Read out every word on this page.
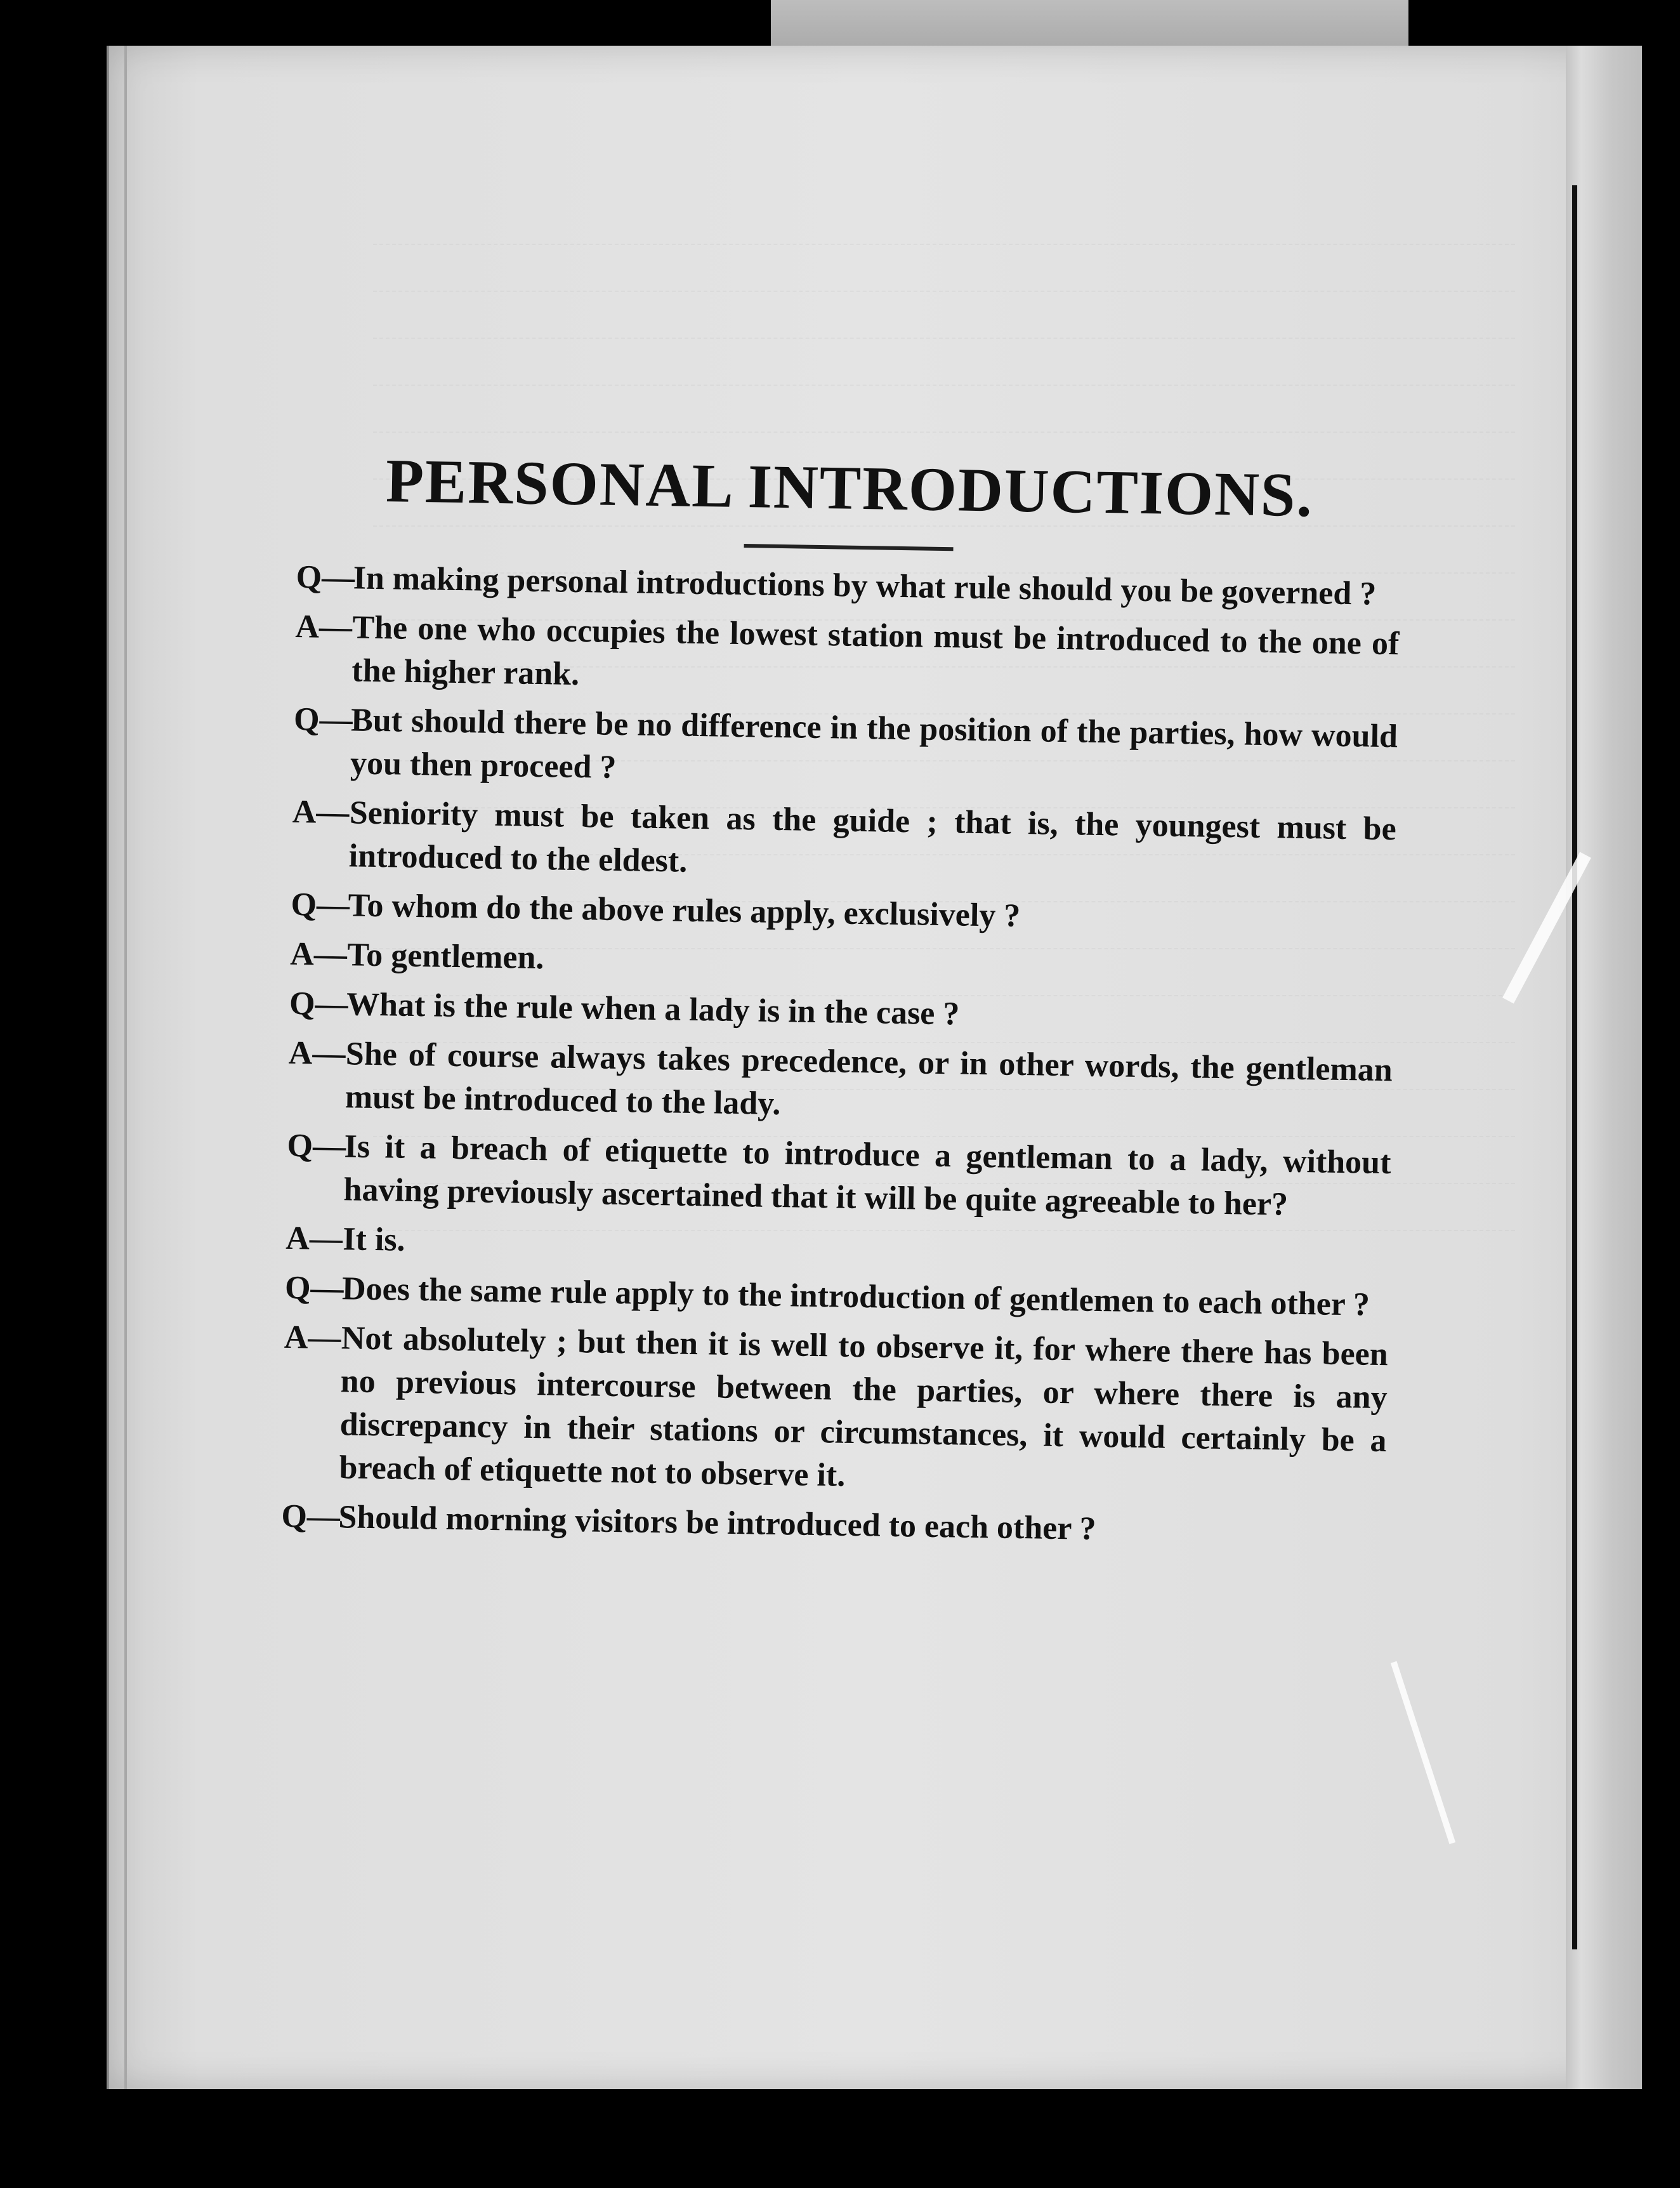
PERSONAL INTRODUCTIONS.
Q—
In making personal introductions by what rule should you be governed ?
A— The one who occupies the lowest station must be introduced to the one of the higher rank.
Q—
But should there be no difference in the position of the parties, how would you then proceed ?
A— Seniority must be taken as the guide ; that is, the youngest must be introduced to the eldest.
Q—
To whom do the above rules apply, exclusively ?
A— To gentlemen.
Q—
What is the rule when a lady is in the case ?
A— She of course always takes precedence, or in other words, the gentleman must be introduced to the lady.
Q—
Is it a breach of etiquette to introduce a gentleman to a lady, without having previously ascertained that it will be quite agreeable to her?
A— It is.
Q—
Does the same rule apply to the introduction of gentlemen to each other ?
A— Not absolutely ; but then it is well to observe it, for where there has been no previous intercourse between the parties, or where there is any discrepancy in their stations or circumstances, it would certainly be a breach of etiquette not to observe it.
Q—
Should morning visitors be introduced to each other ?
